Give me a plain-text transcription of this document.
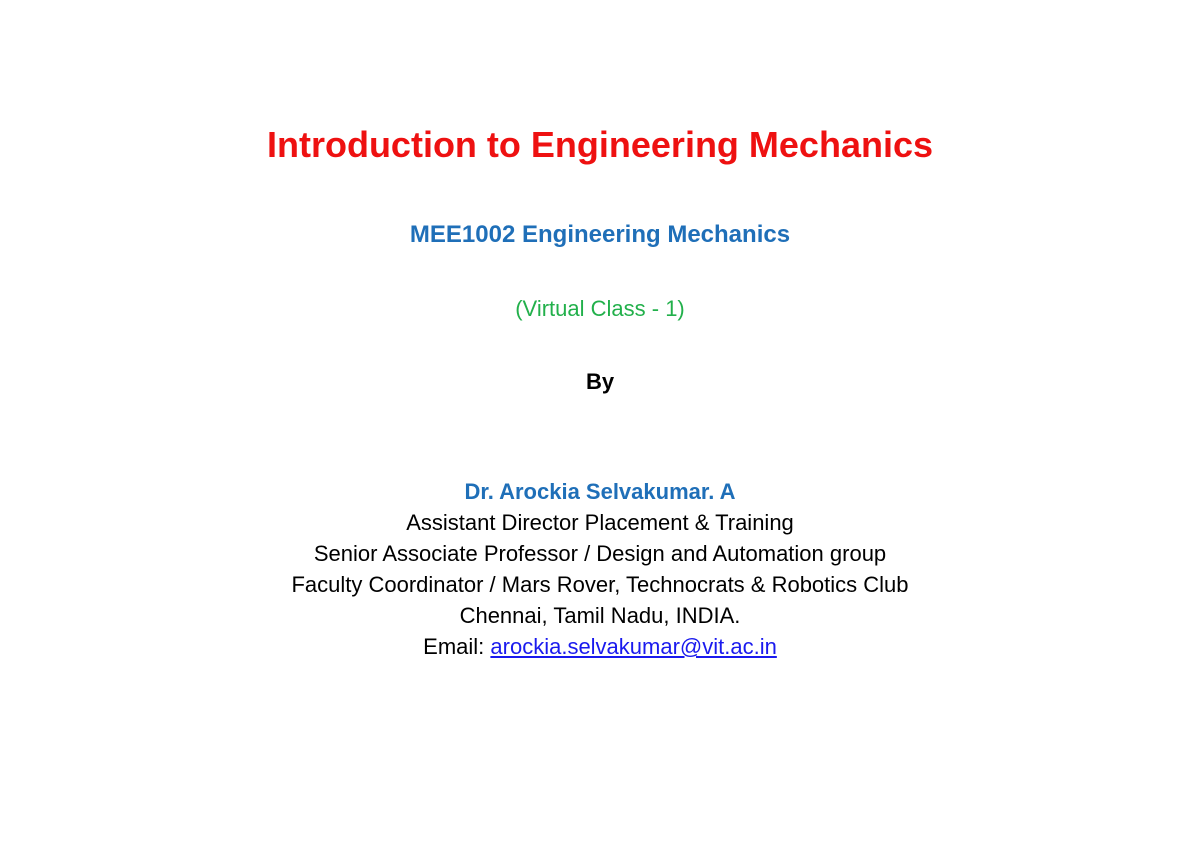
Introduction to Engineering Mechanics
MEE1002 Engineering Mechanics
(Virtual Class - 1)
By
Dr. Arockia Selvakumar. A
Assistant Director Placement & Training
Senior Associate Professor / Design and Automation group
Faculty Coordinator / Mars Rover, Technocrats & Robotics Club
Chennai, Tamil Nadu, INDIA.
Email: arockia.selvakumar@vit.ac.in
